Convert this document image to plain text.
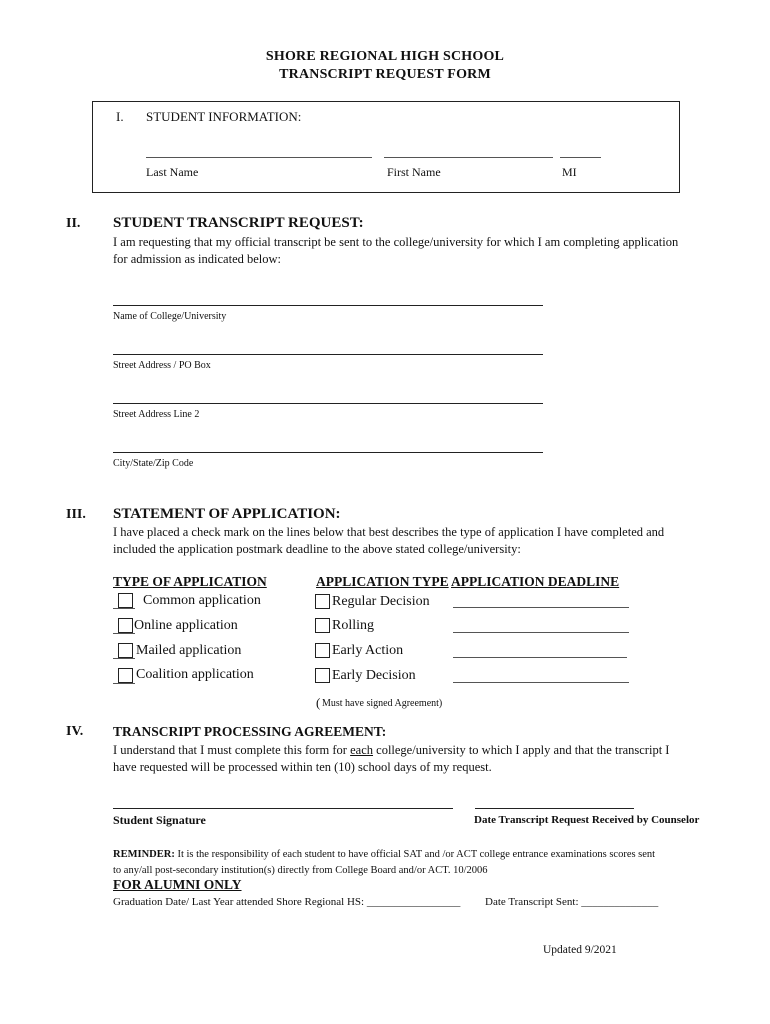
SHORE REGIONAL HIGH SCHOOL
TRANSCRIPT REQUEST FORM
I. STUDENT INFORMATION:
Last Name	First Name	MI
II. STUDENT TRANSCRIPT REQUEST:
I am requesting that my official transcript be sent to the college/university for which I am completing application
for admission as indicated below:
Name of College/University
Street Address / PO Box
Street Address Line 2
City/State/Zip Code
III. STATEMENT OF APPLICATION:
I have placed a check mark on the lines below that best describes the type of application I have completed and
included the application postmark deadline to the above stated college/university:
TYPE OF APPLICATION	APPLICATION TYPE APPLICATION DEADLINE
Common application	Regular Decision
Online application	Rolling
Mailed application	Early Action
Coalition application	Early Decision
( Must have signed Agreement)
IV. TRANSCRIPT PROCESSING AGREEMENT:
I understand that I must complete this form for each college/university to which I apply and that the transcript I
have requested will be processed within ten (10) school days of my request.
Student Signature	Date Transcript Request Received by Counselor
REMINDER: It is the responsibility of each student to have official SAT and /or ACT college entrance examinations scores sent
to any/all post-secondary institution(s) directly from College Board and/or ACT. 10/2006
FOR ALUMNI ONLY
Graduation Date/ Last Year attended Shore Regional HS: _________________ Date Transcript Sent: ______________
Updated 9/2021
